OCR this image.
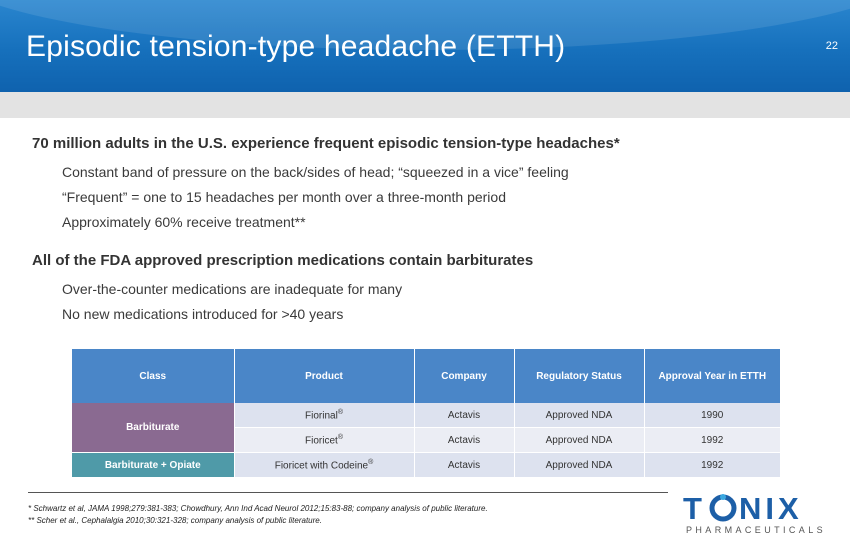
Episodic tension-type headache (ETTH)	22
70 million adults in the U.S. experience frequent episodic tension-type headaches*
Constant band of pressure on the back/sides of head; “squeezed in a vice” feeling
“Frequent” = one to 15 headaches per month over a three-month period
Approximately 60% receive treatment**
All of the FDA approved prescription medications contain barbiturates
Over-the-counter medications are inadequate for many
No new medications introduced for >40 years
Class	Product	Company	Regulatory Status	Approval Year in ETTH
Barbiturate	Fiorinal®	Actavis	Approved NDA	1990
	Fioricet®	Actavis	Approved NDA	1992
Barbiturate + Opiate	Fioricet with Codeine®	Actavis	Approved NDA	1992
* Schwartz et al, JAMA 1998;279:381-383; Chowdhury, Ann Ind Acad Neurol 2012;15:83-88; company analysis of public literature.
** Scher et al., Cephalalgia 2010;30:321-328; company analysis of public literature.	T NIX
PHARMACEUTICALS
